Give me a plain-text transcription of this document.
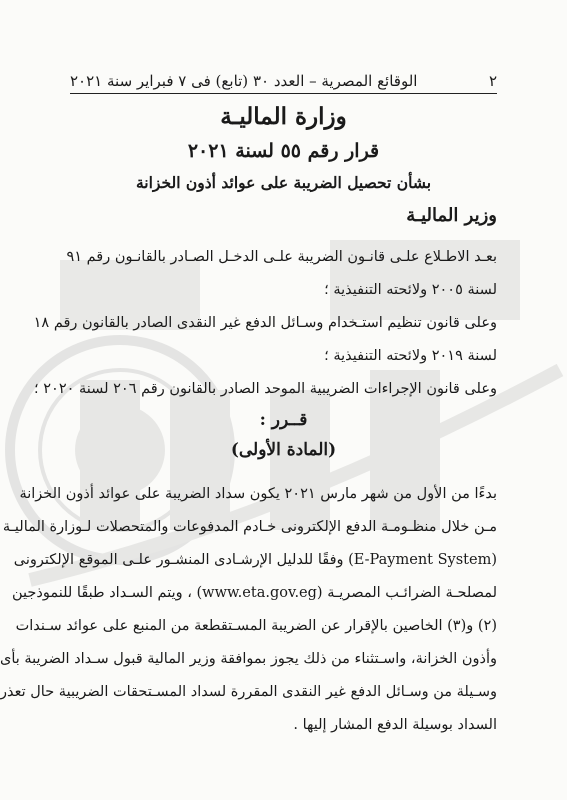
٢
الوقائع المصرية – العدد ٣٠ (تابع) فى ٧ فبراير سنة ٢٠٢١
وزارة الماليـة
قرار رقم ٥٥ لسنة ٢٠٢١
بشأن تحصيل الضريبة على عوائد أذون الخزانة
وزير الماليـة
بعـد الاطـلاع علـى قانـون الضريبة علـى الدخـل الصـادر بالقانـون رقم ٩١
لسنة ٢٠٠٥ ولائحته التنفيذية ؛
وعلى قانون تنظيم استـخدام وسـائل الدفع غير النقدى الصادر بالقانون رقم ١٨
لسنة ٢٠١٩ ولائحته التنفيذية ؛
وعلى قانون الإجراءات الضريبية الموحد الصادر بالقانون رقم ٢٠٦ لسنة ٢٠٢٠ ؛
قــرر :
(المادة الأولى)
بدءًا من الأول من شهر مارس ٢٠٢١ يكون سداد الضريبة على عوائد أذون الخزانة
مـن خلال منظـومـة الدفع الإلكترونى خـادم المدفوعات والمتحصلات لـوزارة الماليـة
(E-Payment System) وفقًا للدليل الإرشـادى المنشـور علـى الموقع الإلكترونى
لمصلحـة الضرائـب المصريـة (www.eta.gov.eg) ، ويتم السـداد طبقًا للنموذجين
(٢) و(٣) الخاصين بالإقرار عن الضريبة المسـتقطعة من المنبع على عوائد سـندات
وأذون الخزانة، واسـتثناء من ذلك يجوز بموافقة وزير المالية قبول سـداد الضريبة بأى
وسـيلة من وسـائل الدفع غير النقدى المقررة لسداد المسـتحقات الضريبية حال تعذر
السداد بوسيلة الدفع المشار إليها .
